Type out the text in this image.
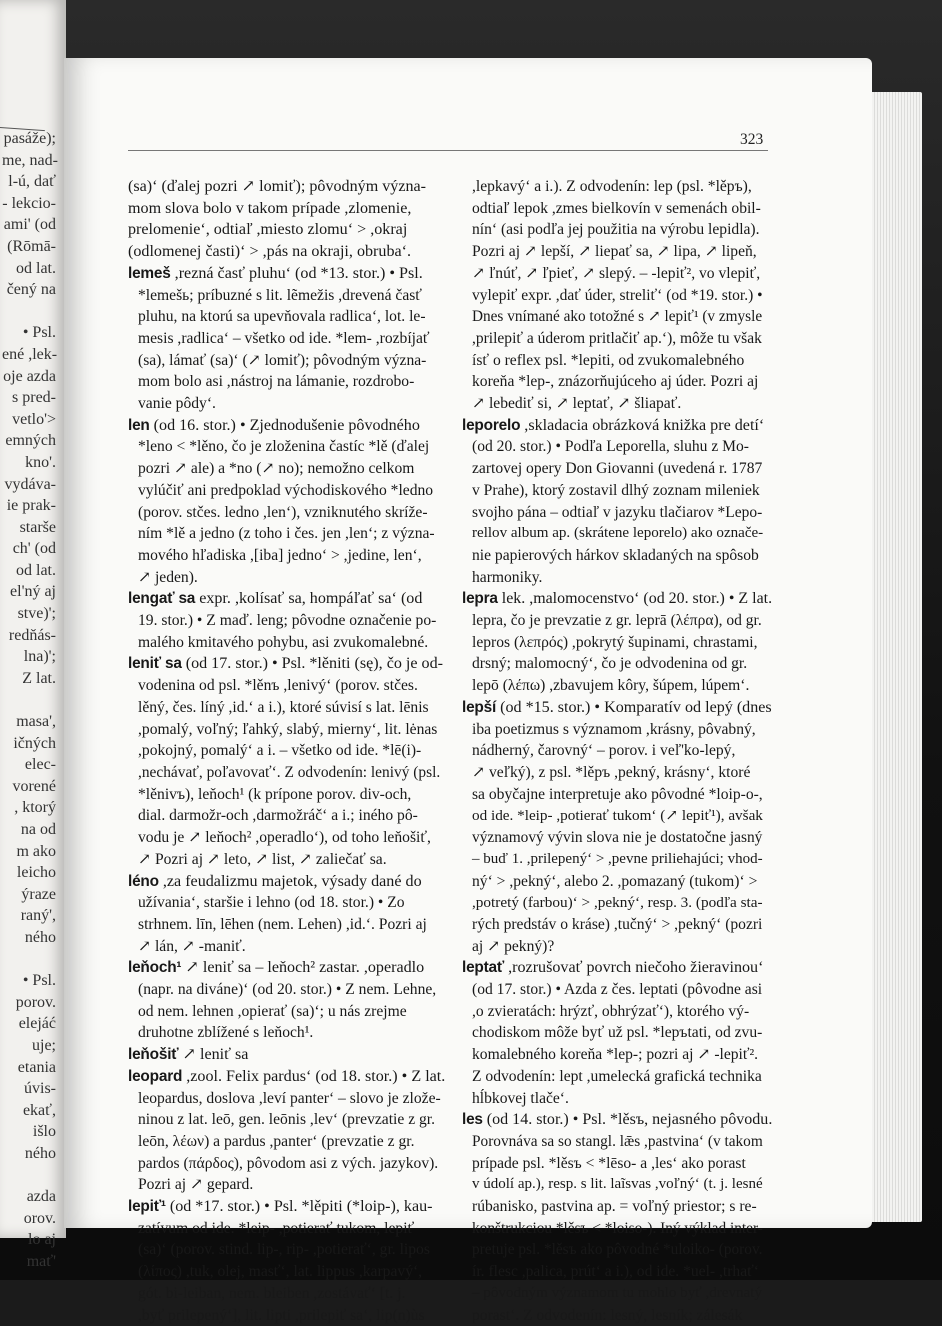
pasáže);
me, nad-
l-ú, dať
- lekcio-
ami' (od
(Rōmā-
od lat.
čený na

• Psl.
ené ,lek-
oje azda
s pred-
vetlo'>
emných
kno'.
vydáva-
ie prak-
starše
ch' (od
od lat.
el'ný aj
stve)';
redňás-
lna)';
Z lat.

masa',
ičných
elec-
vorené
, ktorý
na od
m ako
leicho
ýraze
raný',
ného

• Psl.
porov.
elejáć
uje;
etania
úvis-
ekať,
išlo
ného

azda
orov.
lo aj
mať'
323
(sa)‘ (ďalej pozri ↗ lomiť); pôvodným význa-
mom slova bolo v takom prípade ,zlomenie,
prelomenie‘, odtiaľ ,miesto zlomu‘ > ,okraj
(odlomenej časti)‘ > ,pás na okraji, obruba‘.
lemeš ,rezná časť pluhu‘ (od *13. stor.) • Psl.
*lemešь; príbuzné s lit. lẽmežis ,drevená časť
pluhu, na ktorú sa upevňovala radlica‘, lot. le-
mesis ,radlica‘ – všetko od ide. *lem- ,rozbíjať
(sa), lámať (sa)‘ (↗ lomiť); pôvodným význa-
mom bolo asi ,nástroj na lámanie, rozdrobo-
vanie pôdy‘.
len (od 16. stor.) • Zjednodušenie pôvodného
*leno < *lěno, čo je zloženina častíc *lě (ďalej
pozri ↗ ale) a *no (↗ no); nemožno celkom
vylúčiť ani predpoklad východiskového *ledno
(porov. stčes. ledno ,len‘), vzniknutého skríže-
ním *lě a jedno (z toho i čes. jen ,len‘; z význa-
mového hľadiska ,[iba] jedno‘ > ,jedine, len‘,
↗ jeden).
lengať sa expr. ,kolísať sa, hompáľať sa‘ (od
19. stor.) • Z maď. leng; pôvodne označenie po-
malého kmitavého pohybu, asi zvukomalebné.
leniť sa (od 17. stor.) • Psl. *lěniti (sę), čo je od-
vodenina od psl. *lěnъ ,lenivý‘ (porov. stčes.
lěný, čes. líný ,id.‘ a i.), ktoré súvisí s lat. lēnis
,pomalý, voľný; ľahký, slabý, mierny‘, lit. lėnas
,pokojný, pomalý‘ a i. – všetko od ide. *lē(i)-
,nechávať, poľavovať‘. Z odvodenín: lenivý (psl.
*lěnivъ), leňoch¹ (k prípone porov. div-och,
dial. darmožr-och ,darmožráč‘ a i.; iného pô-
vodu je ↗ leňoch² ,operadlo‘), od toho leňošiť,
↗ Pozri aj ↗ leto, ↗ list, ↗ zaliečať sa.
léno ,za feudalizmu majetok, výsady dané do
užívania‘, staršie i lehno (od 18. stor.) • Zo
strhnem. līn, lēhen (nem. Lehen) ,id.‘. Pozri aj
↗ lán, ↗ -maniť.
leňoch¹ ↗ leniť sa – leňoch² zastar. ,operadlo
(napr. na diváne)‘ (od 20. stor.) • Z nem. Lehne,
od nem. lehnen ,opierať (sa)‘; u nás zrejme
druhotne zblížené s leňoch¹.
leňošiť ↗ leniť sa
leopard ,zool. Felix pardus‘ (od 18. stor.) • Z lat.
leopardus, doslova ,leví panter‘ – slovo je zlože-
ninou z lat. leō, gen. leōnis ,lev‘ (prevzatie z gr.
leōn, λέων) a pardus ,panter‘ (prevzatie z gr.
pardos (πάρδος), pôvodom asi z vých. jazykov).
Pozri aj ↗ gepard.
lepiť¹ (od *17. stor.) • Psl. *lěpiti (*loip-), kau-
zatívum od ide. *leip- ,potierať tukom, lepiť
(sa)‘ (porov. stind. lip-, rip- ,potierať‘, gr. lipos
(λίπος) ,tuk, olej, masť‘, lat. lippus ,karpavý‘,
gót. bi-leiban, nem. bleiben ,zostávať‘ [t. j.
,byť prilepený‘], lit. lipti ,prilepiť sa‘, lip(n)ùs
,lepkavý‘ a i.). Z odvodenín: lep (psl. *lěpъ),
odtiaľ lepok ,zmes bielkovín v semenách obil-
nín‘ (asi podľa jej použitia na výrobu lepidla).
Pozri aj ↗ lepší, ↗ liepať sa, ↗ lipa, ↗ lipeň,
↗ ľnúť, ↗ ľpieť, ↗ slepý. – -lepiť², vo vlepiť,
vylepiť expr. ,dať úder, streliť‘ (od *19. stor.) •
Dnes vnímané ako totožné s ↗ lepiť¹ (v zmysle
,prilepiť a úderom pritlačiť ap.‘), môže tu však
ísť o reflex psl. *lepiti, od zvukomalebného
koreňa *lep-, znázorňujúceho aj úder. Pozri aj
↗ lebediť si, ↗ leptať, ↗ šliapať.
leporelo ,skladacia obrázková knižka pre detí‘
(od 20. stor.) • Podľa Leporella, sluhu z Mo-
zartovej opery Don Giovanni (uvedená r. 1787
v Prahe), ktorý zostavil dlhý zoznam mileniek
svojho pána – odtiaľ v jazyku tlačiarov *Lepo-
rellov album ap. (skrátene leporelo) ako označe-
nie papierových hárkov skladaných na spôsob
harmoniky.
lepra lek. ,malomocenstvo‘ (od 20. stor.) • Z lat.
lepra, čo je prevzatie z gr. leprā (λέπρα), od gr.
lepros (λεπρός) ,pokrytý šupinami, chrastami,
drsný; malomocný‘, čo je odvodenina od gr.
lepō (λέπω) ,zbavujem kôry, šúpem, lúpem‘.
lepší (od *15. stor.) • Komparatív od lepý (dnes
iba poetizmus s významom ,krásny, pôvabný,
nádherný, čarovný‘ – porov. i veľ'ko-lepý,
↗ veľký), z psl. *lěpъ ,pekný, krásny‘, ktoré
sa obyčajne interpretuje ako pôvodné *loip-o-,
od ide. *leip- ,potierať tukom‘ (↗ lepiť¹), avšak
významový vývin slova nie je dostatočne jasný
– buď 1. ,prilepený‘ > ,pevne priliehajúci; vhod-
ný‘ > ,pekný‘, alebo 2. ,pomazaný (tukom)‘ >
,potretý (farbou)‘ > ,pekný‘, resp. 3. (podľa sta-
rých predstáv o kráse) ,tučný‘ > ,pekný‘ (pozri
aj ↗ pekný)?
leptať ,rozrušovať povrch niečoho žieravinou‘
(od 17. stor.) • Azda z čes. leptati (pôvodne asi
,o zvieratách: hrýzť, obhrýzať‘), ktorého vý-
chodiskom môže byť už psl. *lepъtati, od zvu-
komalebného koreňa *lep-; pozri aj ↗ -lepiť².
Z odvodenín: lept ,umelecká grafická technika
hĺbkovej tlače‘.
les (od 14. stor.) • Psl. *lěsъ, nejasného pôvodu.
Porovnáva sa so stangl. lǣs ,pastvina‘ (v takom
prípade psl. *lěsъ < *lēso- a ,les‘ ako porast
v údolí ap.), resp. s lit. laĩsvas ,voľný‘ (t. j. lesné
rúbanisko, pastvina ap. = voľný priestor; s re-
konštrukciou *lěsъ < *loiso-). Iný výklad inter-
pretuje psl. *lěsъ ako pôvodné *uloiko- (porov.
ír. flesc ,palica, prút‘ a i.), od ide. *uel- ,trhať‘
– pôvodným významom tu mohlo byť ,drevnatý
porast‘. Z odvodenín: lesný, lesník; zálesák
